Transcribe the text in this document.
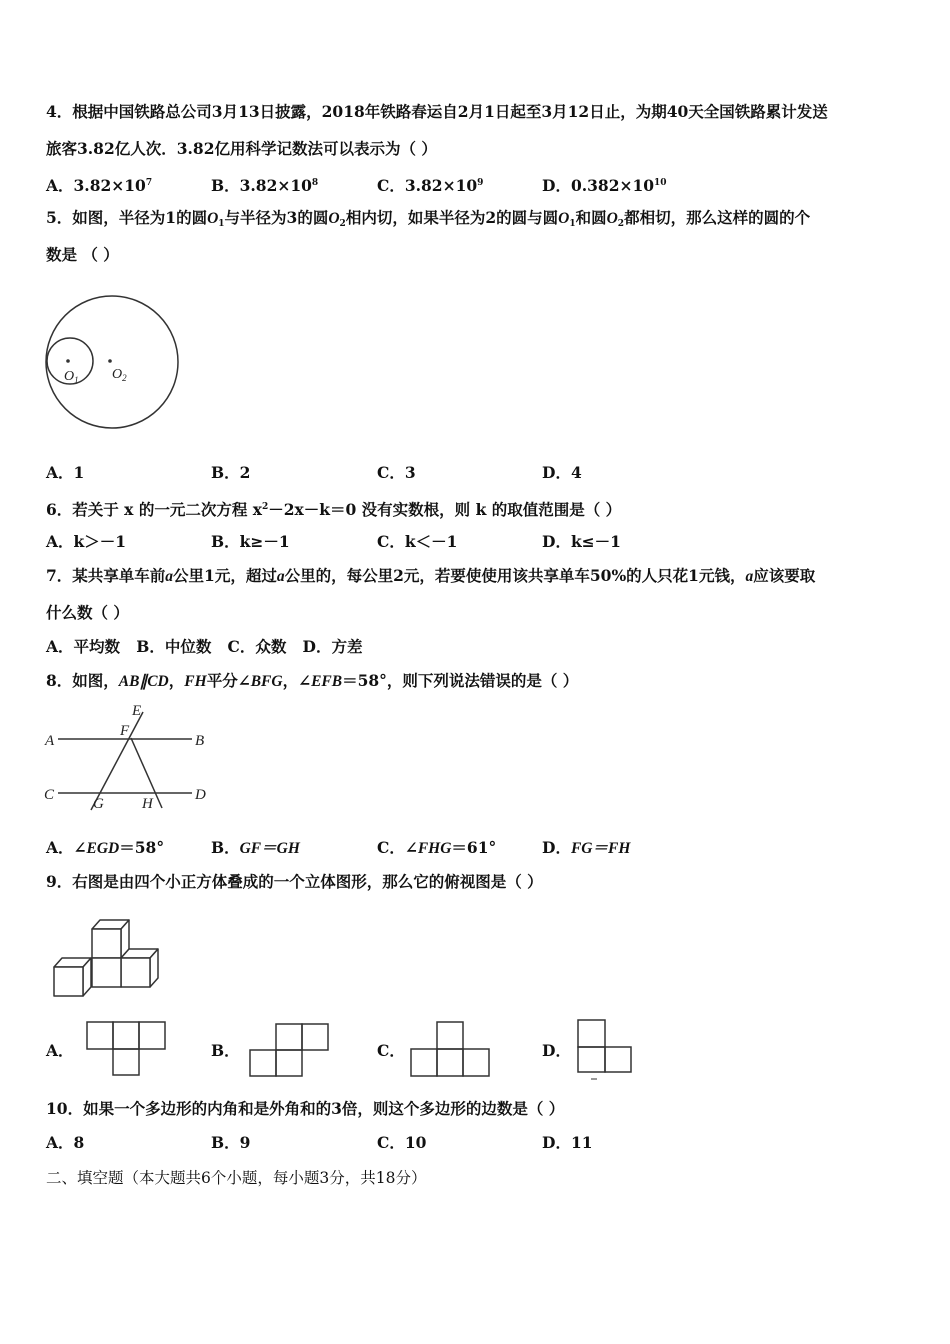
4．根据中国铁路总公司3月13日披露，2018年铁路春运自2月1日起至3月12日止，为期40天全国铁路累计发送
旅客3.82亿人次．3.82亿用科学记数法可以表示为（ ）
A．$3.82\times 10^7$	B．$3.82\times 10^8$	C．$3.82\times 10^9$	D．$0.382\times 10^{10}$
5．如图，半径为1的圆$O_1$与半径为3的圆$O_2$相内切，如果半径为2的圆与圆$O_1$和圆$O_2$都相切，那么这样的圆的个
数是 （ ）
$O_1$ $O_2$
A．1	B．2	C．3	D．4
6．若关于 x 的一元二次方程 $x^2-2x-k=0$ 没有实数根，则 k 的取值范围是（ ）
A．k＞－1	B．k≥－1	C．k＜－1	D．k≤－1
7．某共享单车前a公里1元，超过a公里的，每公里2元，若要使使用该共享单车50%的人只花1元钱，a应该要取
什么数（ ）
A．平均数   B．中位数   C．众数   D．方差
8．如图，AB∥CD，FH平分∠BFG，∠EFB＝58°，则下列说法错误的是（ ）
A	B
C	D
E
F
G	H
A．∠EGD＝58°	B．GF＝GH	C．∠FHG＝61°	D．FG＝FH
9．右图是由四个小正方体叠成的一个立体图形，那么它的俯视图是（ ）
A．	B．	C．	D．
10．如果一个多边形的内角和是外角和的3倍，则这个多边形的边数是（ ）
A．8	B．9	C．10	D．11
二、填空题（本大题共6个小题，每小题3分，共18分）
